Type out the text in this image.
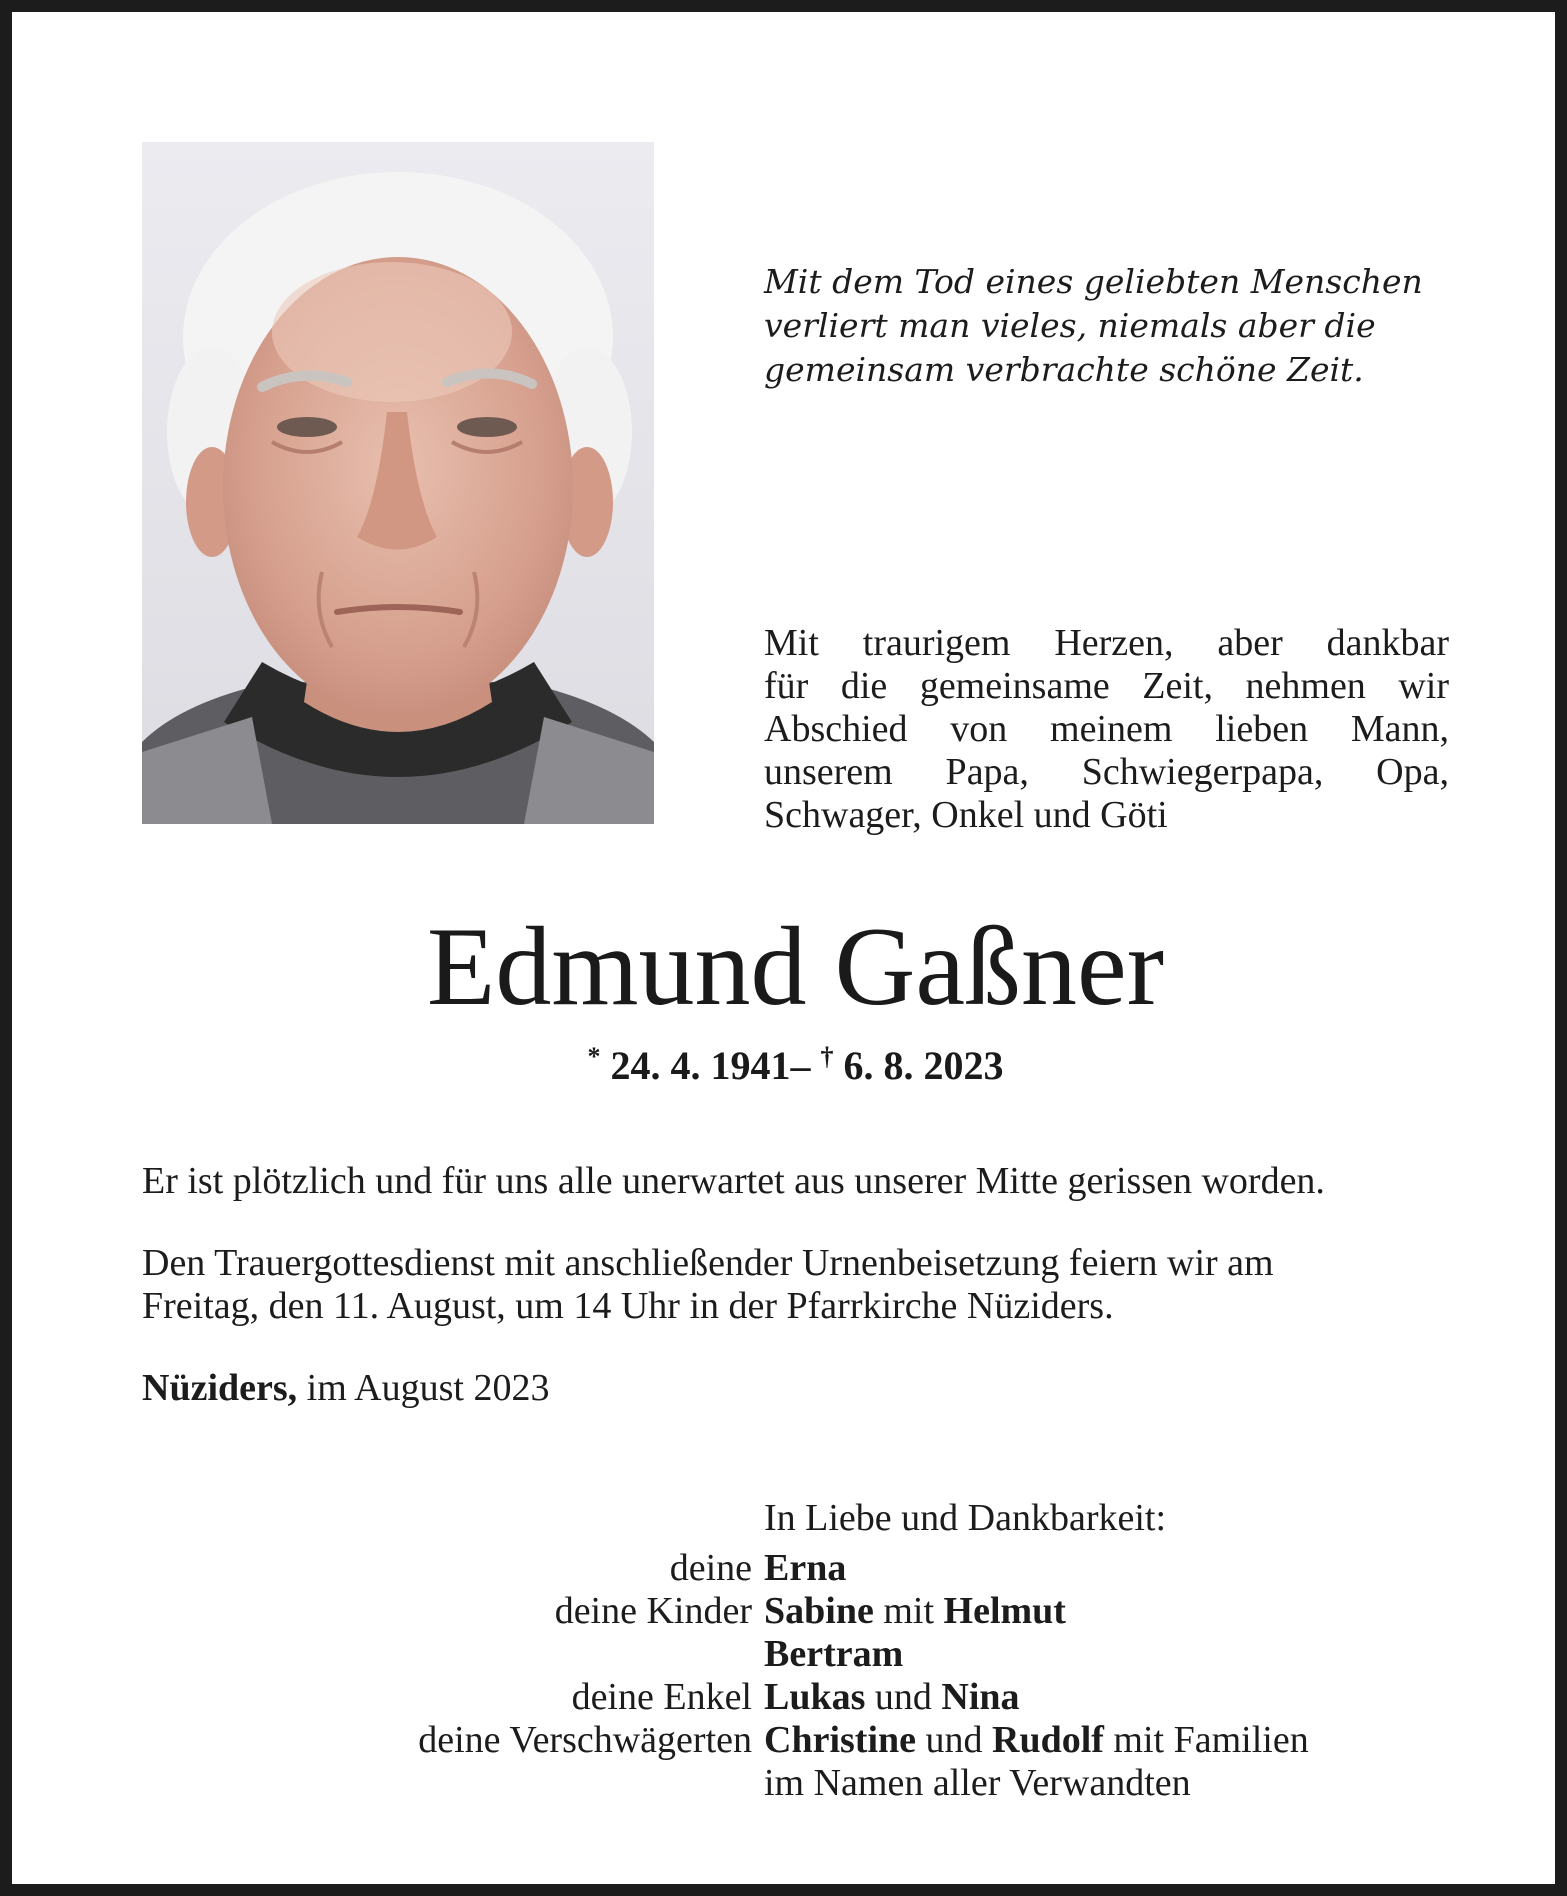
Mit dem Tod eines geliebten Menschen
verliert man vieles, niemals aber die
gemeinsam verbrachte schöne Zeit.
Mit traurigem Herzen, aber dankbar
für die gemeinsame Zeit, nehmen wir
Abschied von meinem lieben Mann,
unserem Papa, Schwiegerpapa, Opa,
Schwager, Onkel und Göti
Edmund Gaßner
* 24. 4. 1941– † 6. 8. 2023
Er ist plötzlich und für uns alle unerwartet aus unserer Mitte gerissen worden.
Den Trauergottesdienst mit anschließender Urnenbeisetzung feiern wir am
Freitag, den 11. August, um 14 Uhr in der Pfarrkirche Nüziders.
Nüziders, im August 2023
In Liebe und Dankbarkeit:
deine Erna
deine Kinder Sabine mit Helmut
Bertram
deine Enkel Lukas und Nina
deine Verschwägerten Christine und Rudolf mit Familien
im Namen aller Verwandten
